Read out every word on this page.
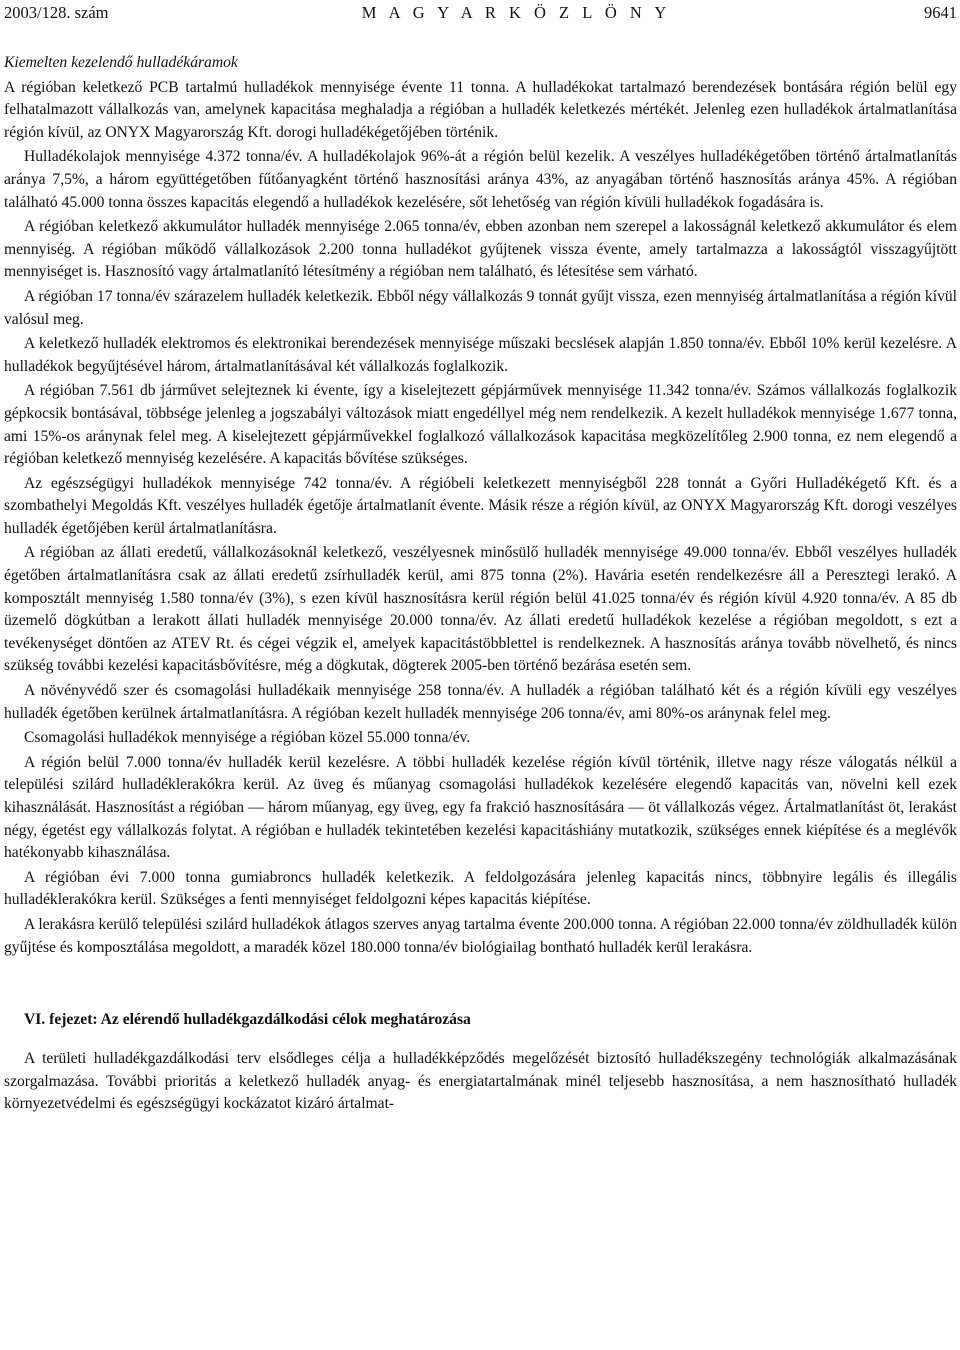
2003/128. szám	M A G Y A R K Ö Z L Ö N Y	9641

Kiemelten kezelendő hulladékáramok

A régióban keletkező PCB tartalmú hulladékok mennyisége évente 11 tonna. A hulladékokat tartalmazó berendezések bontására régión belül egy felhatalmazott vállalkozás van, amelynek kapacitása meghaladja a régióban a hulladék keletkezés mértékét. Jelenleg ezen hulladékok ártalmatlanítása régión kívül, az ONYX Magyarország Kft. dorogi hulladékégetőjében történik.

Hulladékolajok mennyisége 4.372 tonna/év. A hulladékolajok 96%-át a régión belül kezelik. A veszélyes hulladékégetőben történő ártalmatlanítás aránya 7,5%, a három együttégetőben fűtőanyagként történő hasznosítási aránya 43%, az anyagában történő hasznosítás aránya 45%. A régióban található 45.000 tonna összes kapacitás elegendő a hulladékok kezelésére, sőt lehetőség van régión kívüli hulladékok fogadására is.

A régióban keletkező akkumulátor hulladék mennyisége 2.065 tonna/év, ebben azonban nem szerepel a lakosságnál keletkező akkumulátor és elem mennyiség. A régióban működő vállalkozások 2.200 tonna hulladékot gyűjtenek vissza évente, amely tartalmazza a lakosságtól visszagyűjtött mennyiséget is. Hasznosító vagy ártalmatlanító létesítmény a régióban nem található, és létesítése sem várható.

A régióban 17 tonna/év szárazelem hulladék keletkezik. Ebből négy vállalkozás 9 tonnát gyűjt vissza, ezen mennyiség ártalmatlanítása a régión kívül valósul meg.

A keletkező hulladék elektromos és elektronikai berendezések mennyisége műszaki becslések alapján 1.850 tonna/év. Ebből 10% kerül kezelésre. A hulladékok begyűjtésével három, ártalmatlanításával két vállalkozás foglalkozik.

A régióban 7.561 db járművet selejteznek ki évente, így a kiselejtezett gépjárművek mennyisége 11.342 tonna/év. Számos vállalkozás foglalkozik gépkocsik bontásával, többsége jelenleg a jogszabályi változások miatt engedéllyel még nem rendelkezik. A kezelt hulladékok mennyisége 1.677 tonna, ami 15%-os aránynak felel meg. A kiselejtezett gépjárművekkel foglalkozó vállalkozások kapacitása megközelítőleg 2.900 tonna, ez nem elegendő a régióban keletkező mennyiség kezelésére. A kapacitás bővítése szükséges.

Az egészségügyi hulladékok mennyisége 742 tonna/év. A régióbeli keletkezett mennyiségből 228 tonnát a Győri Hulladékégető Kft. és a szombathelyi Megoldás Kft. veszélyes hulladék égetője ártalmatlanít évente. Másik része a régión kívül, az ONYX Magyarország Kft. dorogi veszélyes hulladék égetőjében kerül ártalmatlanításra.

A régióban az állati eredetű, vállalkozásoknál keletkező, veszélyesnek minősülő hulladék mennyisége 49.000 tonna/év. Ebből veszélyes hulladék égetőben ártalmatlanításra csak az állati eredetű zsírhulladék kerül, ami 875 tonna (2%). Havária esetén rendelkezésre áll a Peresztegi lerakó. A komposztált mennyiség 1.580 tonna/év (3%), s ezen kívül hasznosításra kerül régión belül 41.025 tonna/év és régión kívül 4.920 tonna/év. A 85 db üzemelő dögkútban a lerakott állati hulladék mennyisége 20.000 tonna/év. Az állati eredetű hulladékok kezelése a régióban megoldott, s ezt a tevékenységet döntően az ATEV Rt. és cégei végzik el, amelyek kapacitástöbblettel is rendelkeznek. A hasznosítás aránya tovább növelhető, és nincs szükség további kezelési kapacitásbővítésre, még a dögkutak, dögterek 2005-ben történő bezárása esetén sem.

A növényvédő szer és csomagolási hulladékaik mennyisége 258 tonna/év. A hulladék a régióban található két és a régión kívüli egy veszélyes hulladék égetőben kerülnek ártalmatlanításra. A régióban kezelt hulladék mennyisége 206 tonna/év, ami 80%-os aránynak felel meg.

Csomagolási hulladékok mennyisége a régióban közel 55.000 tonna/év.

A régión belül 7.000 tonna/év hulladék kerül kezelésre. A többi hulladék kezelése régión kívül történik, illetve nagy része válogatás nélkül a települési szilárd hulladéklerakókra kerül. Az üveg és műanyag csomagolási hulladékok kezelésére elegendő kapacitás van, növelni kell ezek kihasználását. Hasznosítást a régióban — három műanyag, egy üveg, egy fa frakció hasznosítására — öt vállalkozás végez. Ártalmatlanítást öt, lerakást négy, égetést egy vállalkozás folytat. A régióban e hulladék tekintetében kezelési kapacitáshiány mutatkozik, szükséges ennek kiépítése és a meglévők hatékonyabb kihasználása.

A régióban évi 7.000 tonna gumiabroncs hulladék keletkezik. A feldolgozására jelenleg kapacitás nincs, többnyire legális és illegális hulladéklerakókra kerül. Szükséges a fenti mennyiséget feldolgozni képes kapacitás kiépítése.

A lerakásra kerülő települési szilárd hulladékok átlagos szerves anyag tartalma évente 200.000 tonna. A régióban 22.000 tonna/év zöldhulladék külön gyűjtése és komposztálása megoldott, a maradék közel 180.000 tonna/év biológiailag bontható hulladék kerül lerakásra.

VI. fejezet: Az elérendő hulladékgazdálkodási célok meghatározása

A területi hulladékgazdálkodási terv elsődleges célja a hulladékképződés megelőzését biztosító hulladékszegény technológiák alkalmazásának szorgalmazása. További prioritás a keletkező hulladék anyag- és energiatartalmának minél teljesebb hasznosítása, a nem hasznosítható hulladék környezetvédelmi és egészségügyi kockázatot kizáró ártalmat-
